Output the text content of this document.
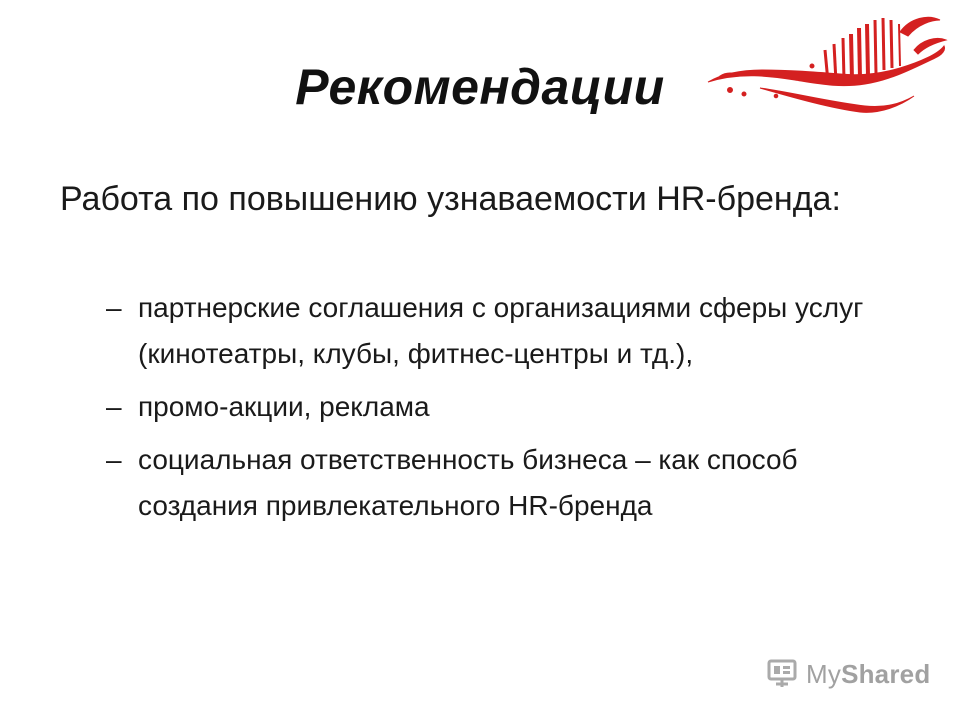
Рекомендации
Работа по повышению узнаваемости HR-бренда:
– партнерские соглашения с организациями сферы услуг (кинотеатры, клубы, фитнес-центры и тд.),
– промо-акции, реклама
– социальная ответственность бизнеса – как способ создания привлекательного HR-бренда
MyShared
